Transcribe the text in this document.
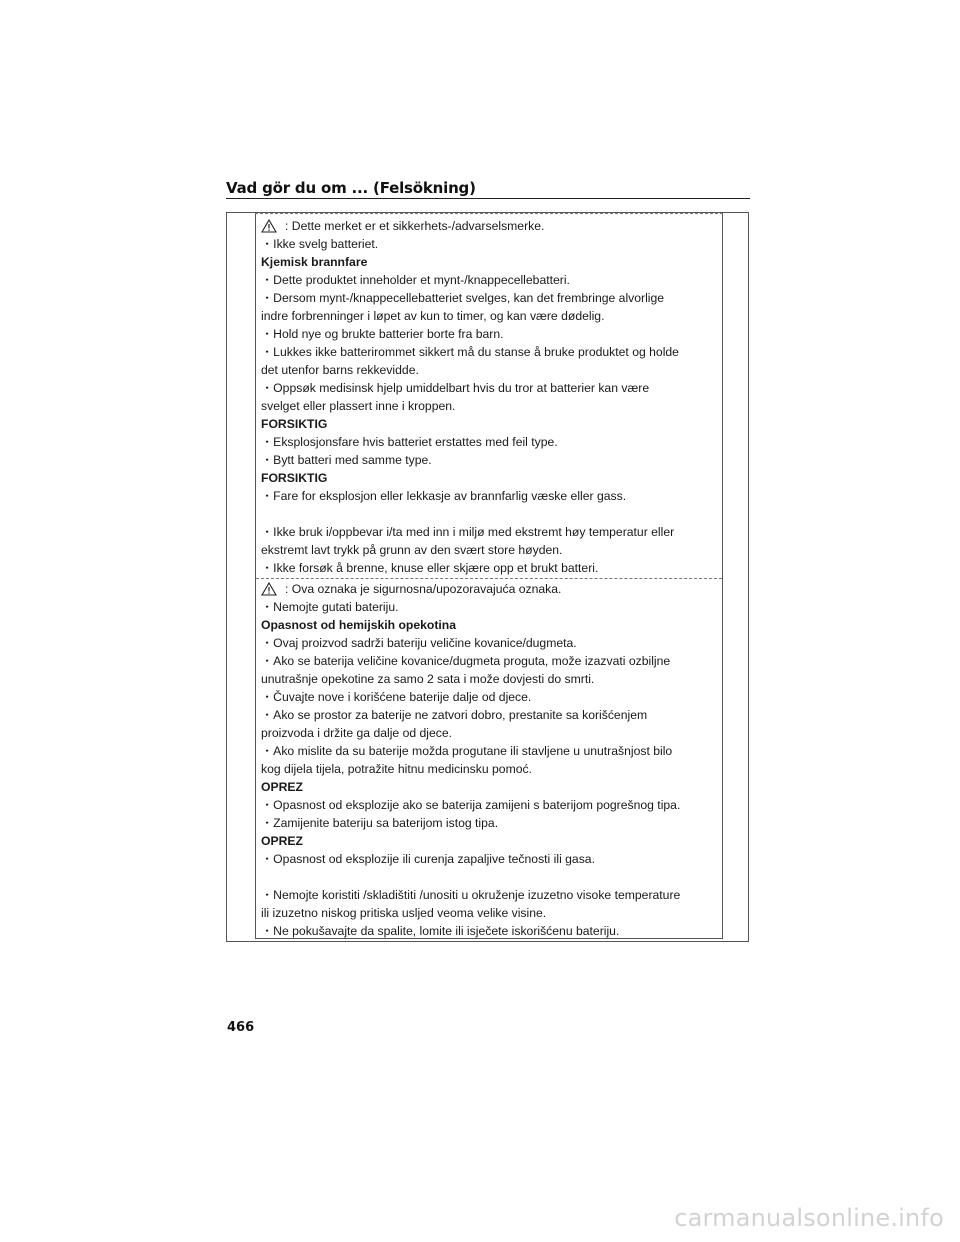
Vad gör du om ... (Felsökning)
: Dette merket er et sikkerhets-/advarselsmerke.
・Ikke svelg batteriet.
Kjemisk brannfare
・Dette produktet inneholder et mynt-/knappecellebatteri.
・Dersom mynt-/knappecellebatteriet svelges, kan det frembringe alvorlige
indre forbrenninger i løpet av kun to timer, og kan være dødelig.
・Hold nye og brukte batterier borte fra barn.
・Lukkes ikke batterirommet sikkert må du stanse å bruke produktet og holde
det utenfor barns rekkevidde.
・Oppsøk medisinsk hjelp umiddelbart hvis du tror at batterier kan være
svelget eller plassert inne i kroppen.
FORSIKTIG
・Eksplosjonsfare hvis batteriet erstattes med feil type.
・Bytt batteri med samme type.
FORSIKTIG
・Fare for eksplosjon eller lekkasje av brannfarlig væske eller gass.
・Ikke bruk i/oppbevar i/ta med inn i miljø med ekstremt høy temperatur eller
ekstremt lavt trykk på grunn av den svært store høyden.
・Ikke forsøk å brenne, knuse eller skjære opp et brukt batteri.
: Ova oznaka je sigurnosna/upozoravajuća oznaka.
・Nemojte gutati bateriju.
Opasnost od hemijskih opekotina
・Ovaj proizvod sadrži bateriju veličine kovanice/dugmeta.
・Ako se baterija veličine kovanice/dugmeta proguta, može izazvati ozbiljne
unutrašnje opekotine za samo 2 sata i može dovjesti do smrti.
・Čuvajte nove i korišćene baterije dalje od djece.
・Ako se prostor za baterije ne zatvori dobro, prestanite sa korišćenjem
proizvoda i držite ga dalje od djece.
・Ako mislite da su baterije možda progutane ili stavljene u unutrašnjost bilo
kog dijela tijela, potražite hitnu medicinsku pomoć.
OPREZ
・Opasnost od eksplozije ako se baterija zamijeni s baterijom pogrešnog tipa.
・Zamijenite bateriju sa baterijom istog tipa.
OPREZ
・Opasnost od eksplozije ili curenja zapaljive tečnosti ili gasa.
・Nemojte koristiti /skladištiti /unositi u okruženje izuzetno visoke temperature
ili izuzetno niskog pritiska usljed veoma velike visine.
・Ne pokušavajte da spalite, lomite ili isječete iskorišćenu bateriju.
466
carmanualsonline.info
